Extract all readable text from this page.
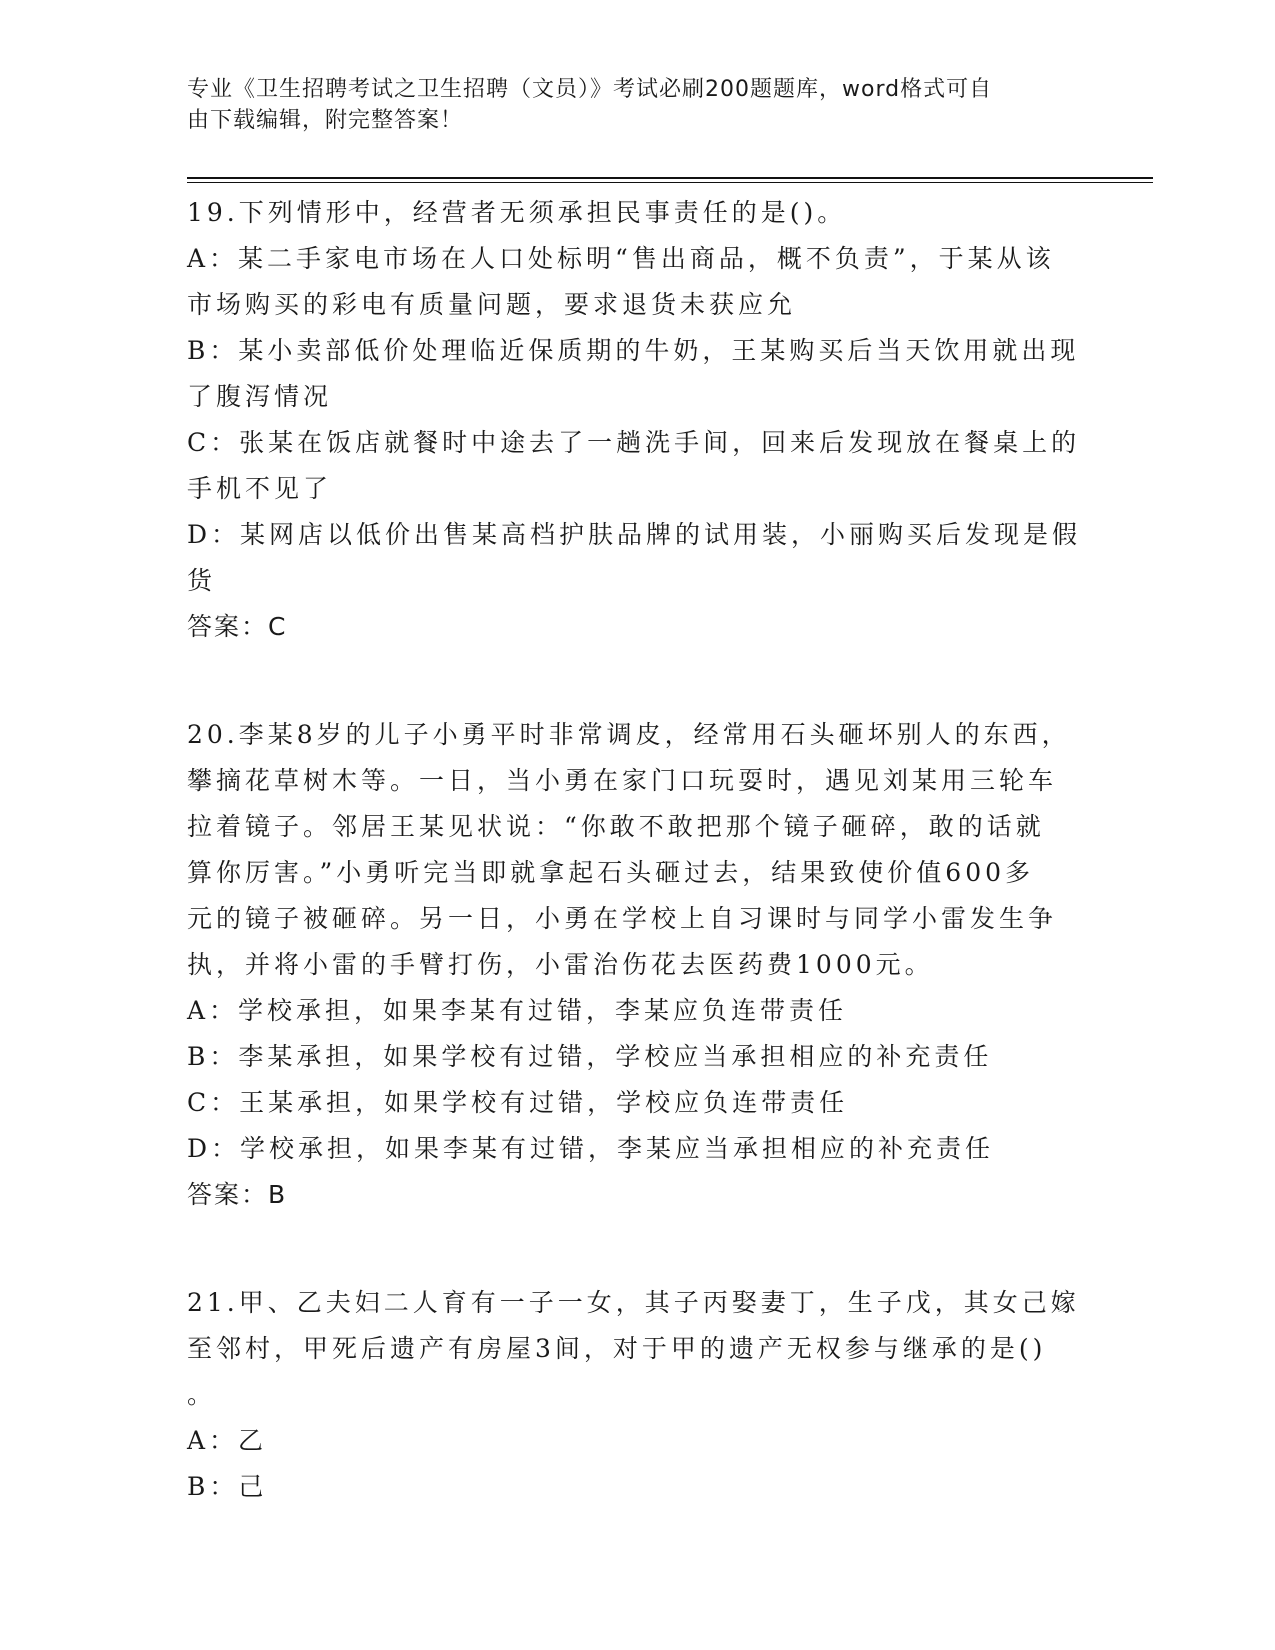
专业《卫生招聘考试之卫生招聘（文员）》考试必刷200题题库，word格式可自
由下载编辑，附完整答案！
19.下列情形中，经营者无须承担民事责任的是()。
A：某二手家电市场在人口处标明“售出商品，概不负责”，于某从该
市场购买的彩电有质量问题，要求退货未获应允
B：某小卖部低价处理临近保质期的牛奶，王某购买后当天饮用就出现
了腹泻情况
C：张某在饭店就餐时中途去了一趟洗手间，回来后发现放在餐桌上的
手机不见了
D：某网店以低价出售某高档护肤品牌的试用装，小丽购买后发现是假
货
答案：C
20.李某8岁的儿子小勇平时非常调皮，经常用石头砸坏别人的东西，
攀摘花草树木等。一日，当小勇在家门口玩耍时，遇见刘某用三轮车
拉着镜子。邻居王某见状说：“你敢不敢把那个镜子砸碎，敢的话就
算你厉害。”小勇听完当即就拿起石头砸过去，结果致使价值600多
元的镜子被砸碎。另一日，小勇在学校上自习课时与同学小雷发生争
执，并将小雷的手臂打伤，小雷治伤花去医药费1000元。
A：学校承担，如果李某有过错，李某应负连带责任
B：李某承担，如果学校有过错，学校应当承担相应的补充责任
C：王某承担，如果学校有过错，学校应负连带责任
D：学校承担，如果李某有过错，李某应当承担相应的补充责任
答案：B
21.甲、乙夫妇二人育有一子一女，其子丙娶妻丁，生子戊，其女己嫁
至邻村，甲死后遗产有房屋3间，对于甲的遗产无权参与继承的是()
。
A：乙
B：己
